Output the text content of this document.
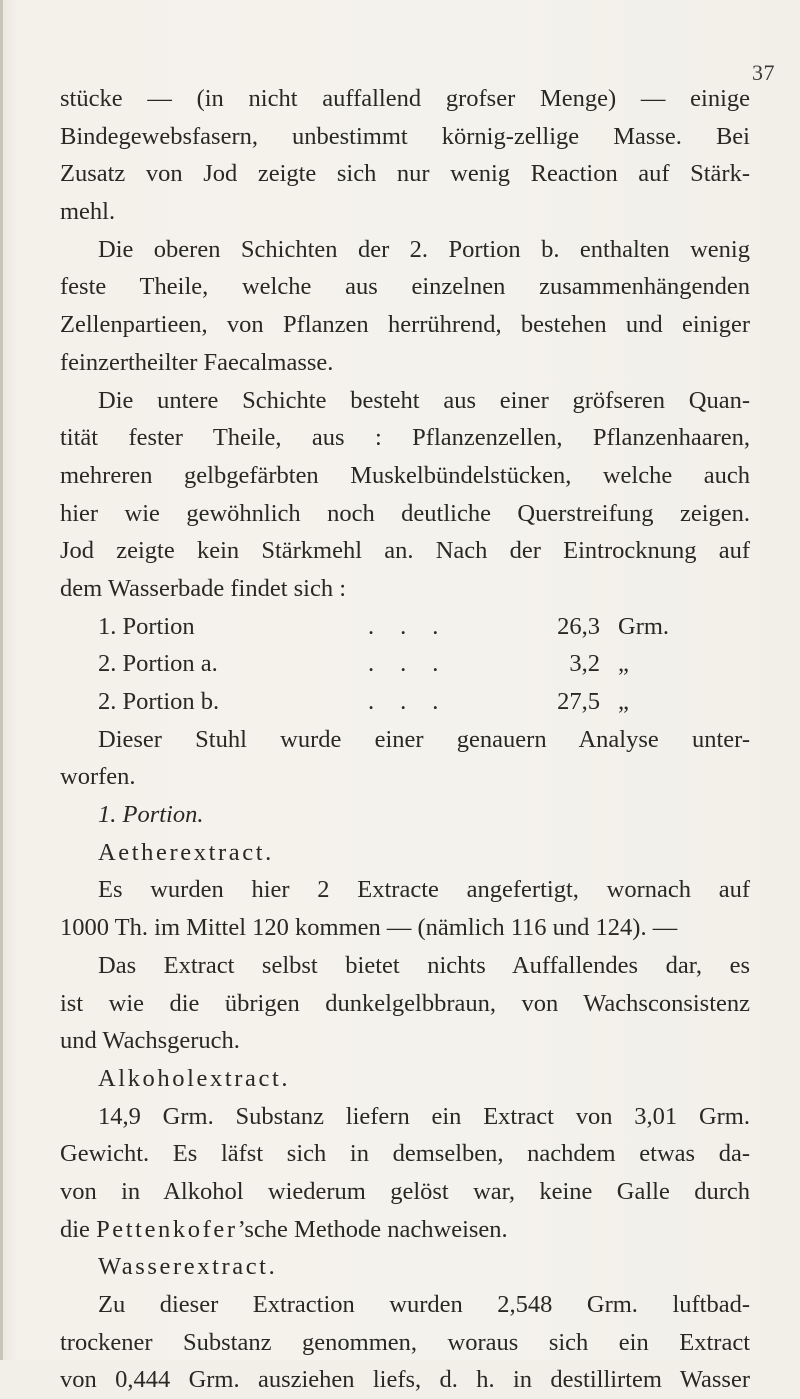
37
stücke — (in nicht auffallend grofser Menge) — einige
Bindegewebsfasern, unbestimmt körnig-zellige Masse. Bei
Zusatz von Jod zeigte sich nur wenig Reaction auf Stärk-
mehl.
Die oberen Schichten der 2. Portion b. enthalten wenig
feste Theile, welche aus einzelnen zusammenhängenden
Zellenpartieen, von Pflanzen herrührend, bestehen und einiger
feinzertheilter Faecalmasse.
Die untere Schichte besteht aus einer gröfseren Quan-
tität fester Theile, aus : Pflanzenzellen, Pflanzenhaaren,
mehreren gelbgefärbten Muskelbündelstücken, welche auch
hier wie gewöhnlich noch deutliche Querstreifung zeigen.
Jod zeigte kein Stärkmehl an. Nach der Eintrocknung auf
dem Wasserbade findet sich :
1. Portion	...	26,3 Grm.
2. Portion a.	...	3,2 „
2. Portion b.	...	27,5 „
Dieser Stuhl wurde einer genauern Analyse unter-
worfen.
1. Portion.
Aetherextract.
Es wurden hier 2 Extracte angefertigt, wornach auf
1000 Th. im Mittel 120 kommen — (nämlich 116 und 124). —
Das Extract selbst bietet nichts Auffallendes dar, es
ist wie die übrigen dunkelgelbbraun, von Wachsconsistenz
und Wachsgeruch.
Alkoholextract.
14,9 Grm. Substanz liefern ein Extract von 3,01 Grm.
Gewicht. Es läfst sich in demselben, nachdem etwas da-
von in Alkohol wiederum gelöst war, keine Galle durch
die Pettenkofer’sche Methode nachweisen.
Wasserextract.
Zu dieser Extraction wurden 2,548 Grm. luftbad-
trockener Substanz genommen, woraus sich ein Extract
von 0,444 Grm. ausziehen liefs, d. h. in destillirtem Wasser
